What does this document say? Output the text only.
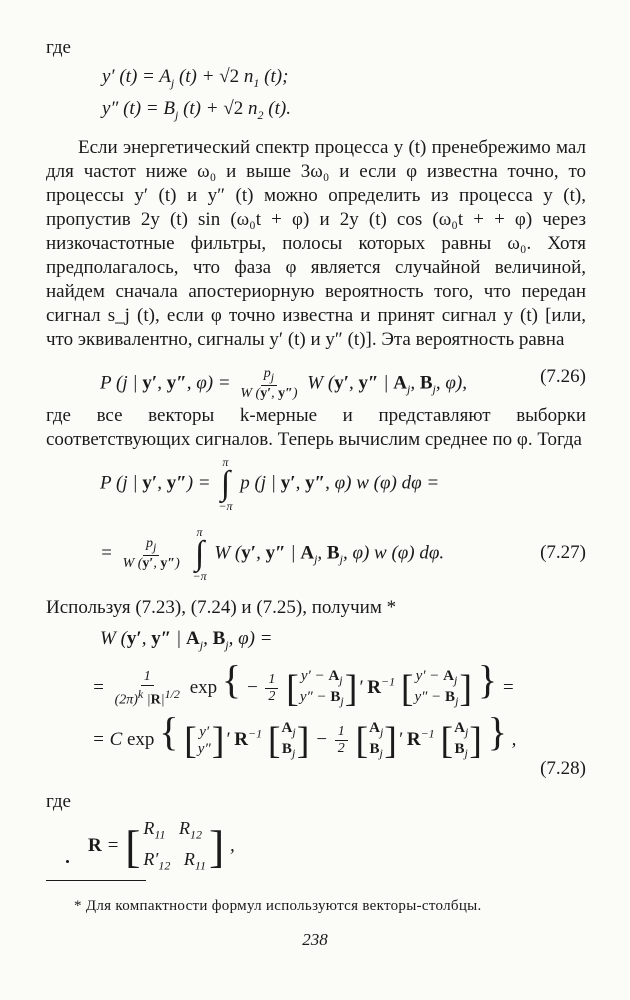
где
y′ $(t) = A_j$ (t) + √2 $n_1$ (t);
y″ $(t) = B_j$ (t) + √2 $n_2$ (t).
Если энергетический спектр процесса y (t) пренебрежимо мал для частот ниже ω₀ и выше 3ω₀ и если φ известна точно, то процессы y′ (t) и y″ (t) можно определить из процесса y (t), пропустив 2y (t) sin (ω₀t + φ) и 2y (t) cos (ω₀t + + φ) через низкочастотные фильтры, полосы которых равны ω₀. Хотя предполагалось, что фаза φ является случайной величиной, найдем сначала апостериорную вероятность того, что передан сигнал s_j (t), если φ точно известна и принят сигнал y (t) [или, что эквивалентно, сигналы y′ (t) и y″ (t)]. Эта вероятность равна
P (j | y′, y″, $\varphi) = \frac{p_j}{W (y', y'')}$ W (y′, y″ | $A_j$, $B_j$, φ),	(7.26)
где все векторы k-мерные и представляют выборки соответствующих сигналов. Теперь вычислим среднее по φ. Тогда
P (j | y′, y″) =
π
∫
−π
p (j | y′, y″, φ) w (φ) dφ =
= $\frac{p_j}{W (y', y'')}$

π
∫
−π
W (y′, y″ | $A_j$, $B_j$, φ) w (φ) dφ.	(7.27)
Используя (7.23), (7.24) и (7.25), получим *
W (y′, y″ | $A_j$, $B_j$, φ) =
= $\frac{1}{(2\pi)^k |R|^{1/2}}$ exp { − $\frac{1}{2}$
[ $y' - A_j$
$y'' - B_j$ ] ′ $R^{-1}$ [ $y' - A_j$
$y'' - B_j$ ] } =
= C exp { [ y′
y″ ] ′ $R^{-1}$ [ $A_j$
$B_j$ ] − $\frac{1}{2}$
[ $A_j$
$B_j$ ] ′ $R^{-1}$ [ $A_j$
$B_j$ ] } ,
(7.28)
где
R = [ $R_{11}$   $R_{12}$
$R'_{12}$   $R_{11}$ ] ,
* Для компактности формул используются векторы-столбцы.
238
